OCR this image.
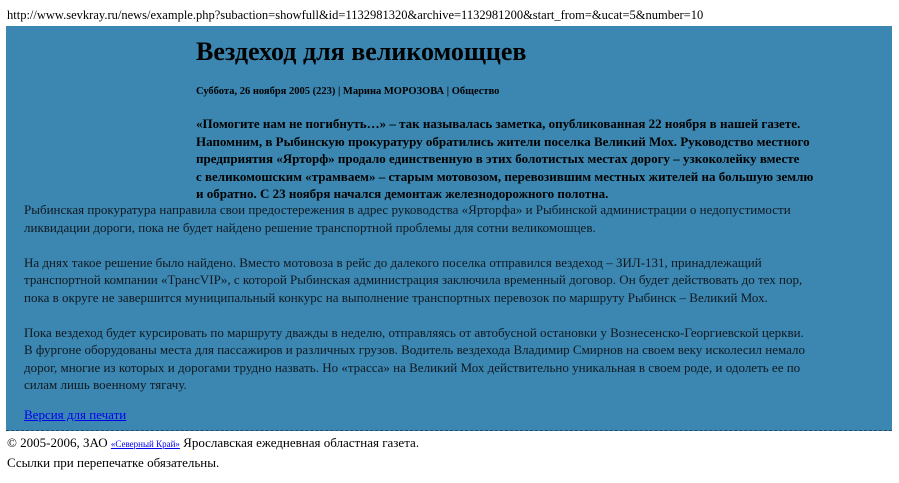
http://www.sevkray.ru/news/example.php?subaction=showfull&id=1132981320&archive=1132981200&start_from=&ucat=5&number=10
Вездеход для великомощцев
Суббота, 26 ноября 2005 (223) | Марина МОРОЗОВА | Общество
«Помогите нам не погибнуть…» – так называлась заметка, опубликованная 22 ноября в нашей газете.
Напомним, в Рыбинскую прокуратуру обратились жители поселка Великий Мох. Руководство местного
предприятия «Ярторф» продало единственную в этих болотистых местах дорогу – узкоколейку вместе
с великомошским «трамваем» – старым мотовозом, перевозившим местных жителей на большую землю
и обратно. С 23 ноября начался демонтаж железнодорожного полотна.

Рыбинская прокуратура направила свои предостережения в адрес руководства «Ярторфа» и Рыбинской администрации о недопустимости
ликвидации дороги, пока не будет найдено решение транспортной проблемы для сотни великомошцев.

На днях такое решение было найдено. Вместо мотовоза в рейс до далекого поселка отправился вездеход – ЗИЛ-131, принадлежащий
транспортной компании «ТрансVIP», с которой Рыбинская администрация заключила временный договор. Он будет действовать до тех пор,
пока в округе не завершится муниципальный конкурс на выполнение транспортных перевозок по маршруту Рыбинск – Великий Мох.

Пока вездеход будет курсировать по маршруту дважды в неделю, отправляясь от автобусной остановки у Вознесенско-Георгиевской церкви.
В фургоне оборудованы места для пассажиров и различных грузов. Водитель вездехода Владимир Смирнов на своем веку исколесил немало
дорог, многие из которых и дорогами трудно назвать. Но «трасса» на Великий Мох действительно уникальная в своем роде, и одолеть ее по
силам лишь военному тягачу.

Версия для печати
© 2005-2006, ЗАО «Северный Край» Ярославская ежедневная областная газета.
Ссылки при перепечатке обязательны.
